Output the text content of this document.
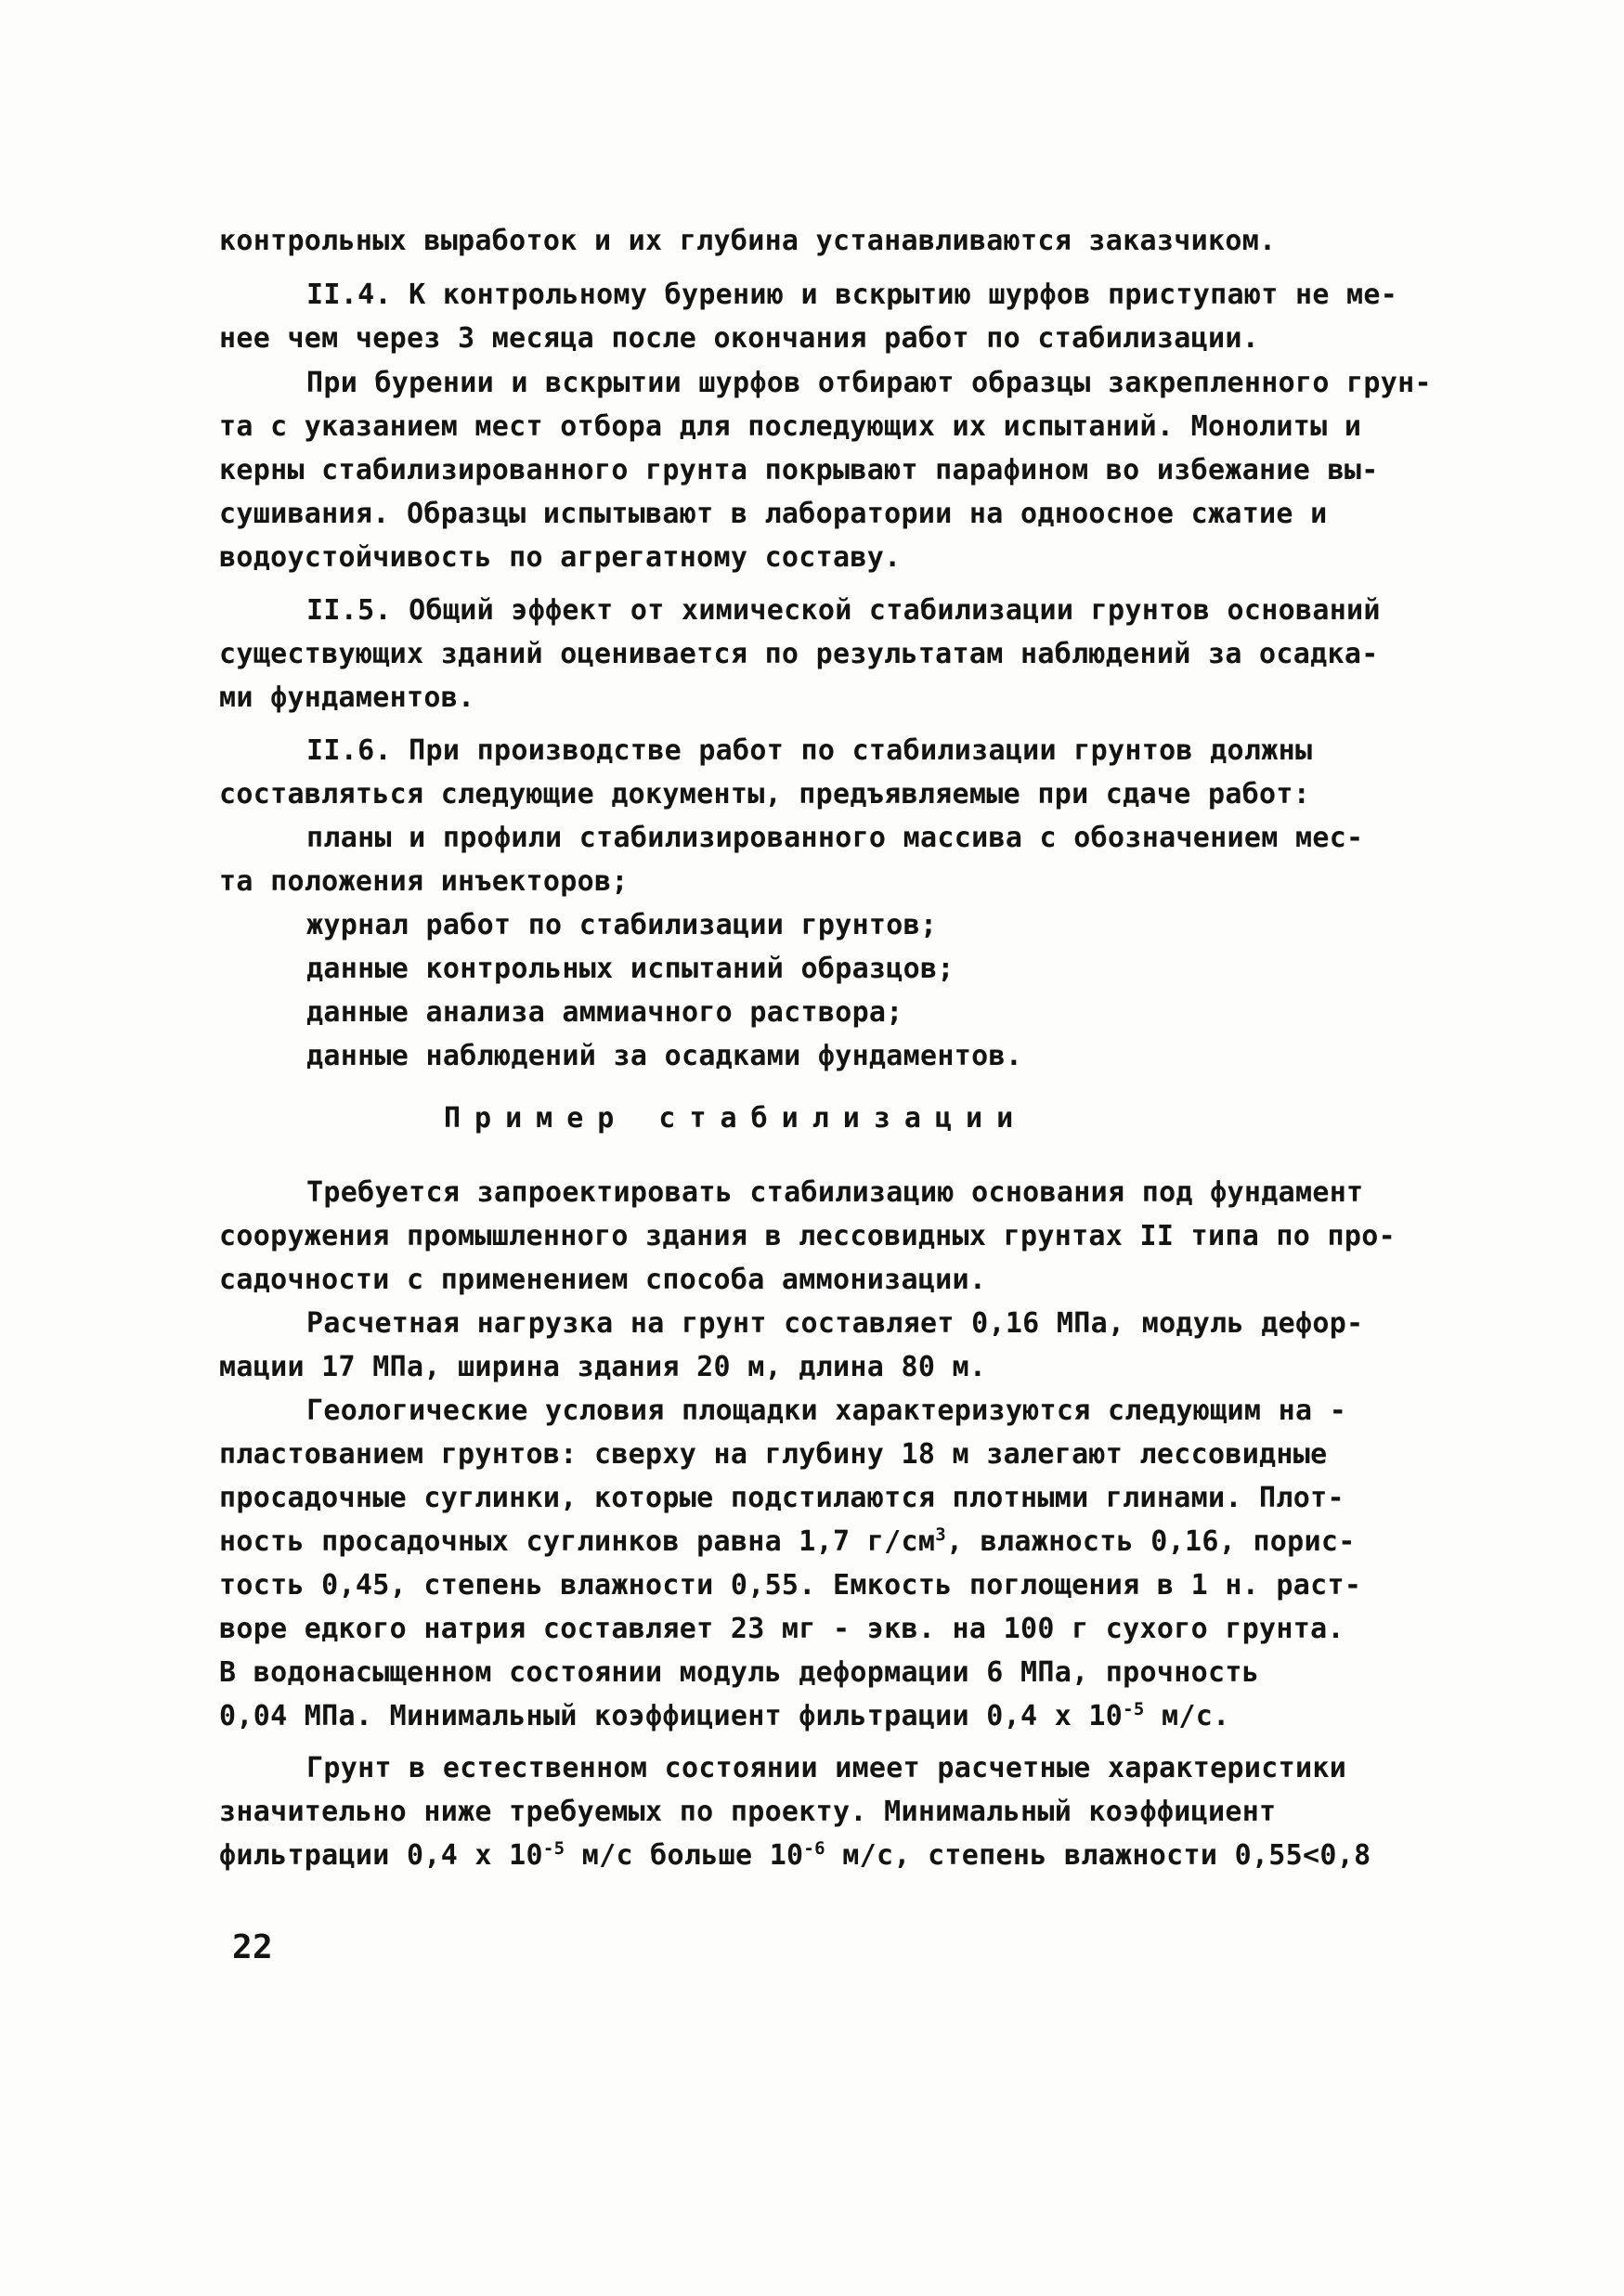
контрольных выработок и их глубина устанавливаются заказчиком.
II.4. К контрольному бурению и вскрытию шурфов приступают не ме-
нее чем через 3 месяца после окончания работ по стабилизации.
При бурении и вскрытии шурфов отбирают образцы закрепленного грун-
та с указанием мест отбора для последующих их испытаний. Монолиты и
керны стабилизированного грунта покрывают парафином во избежание вы-
сушивания. Образцы испытывают в лаборатории на одноосное сжатие и
водоустойчивость по агрегатному составу.
II.5. Общий эффект от химической стабилизации грунтов оснований
существующих зданий оценивается по результатам наблюдений за осадка-
ми фундаментов.
II.6. При производстве работ по стабилизации грунтов должны
составляться следующие документы, предъявляемые при сдаче работ:
планы и профили стабилизированного массива с обозначением мес-
та положения инъекторов;
журнал работ по стабилизации грунтов;
данные контрольных испытаний образцов;
данные анализа аммиачного раствора;
данные наблюдений за осадками фундаментов.
Пример стабилизации
Требуется запроектировать стабилизацию основания под фундамент
сооружения промышленного здания в лессовидных грунтах II типа по про-
садочности с применением способа аммонизации.
Расчетная нагрузка на грунт составляет 0,16 МПа, модуль дефор-
мации 17 МПа, ширина здания 20 м, длина 80 м.
Геологические условия площадки характеризуются следующим на -
пластованием грунтов: сверху на глубину 18 м залегают лессовидные
просадочные суглинки, которые подстилаются плотными глинами. Плот-
ность просадочных суглинков равна 1,7 $г/см^3$, влажность 0,16, порис-
тость 0,45, степень влажности 0,55. Емкость поглощения в 1 н. раст-
воре едкого натрия составляет 23 мг - экв. на 100 г сухого грунта.
В водонасыщенном состоянии модуль деформации 6 МПа, прочность
0,04 МПа. Минимальный коэффициент фильтрации 0,4 х $10^{-5}$ м/с.
Грунт в естественном состоянии имеет расчетные характеристики
значительно ниже требуемых по проекту. Минимальный коэффициент
фильтрации 0,4 х $10^{-5}$ м/с больше $10^{-6}$ м/с, степень влажности 0,55<0,8
22
